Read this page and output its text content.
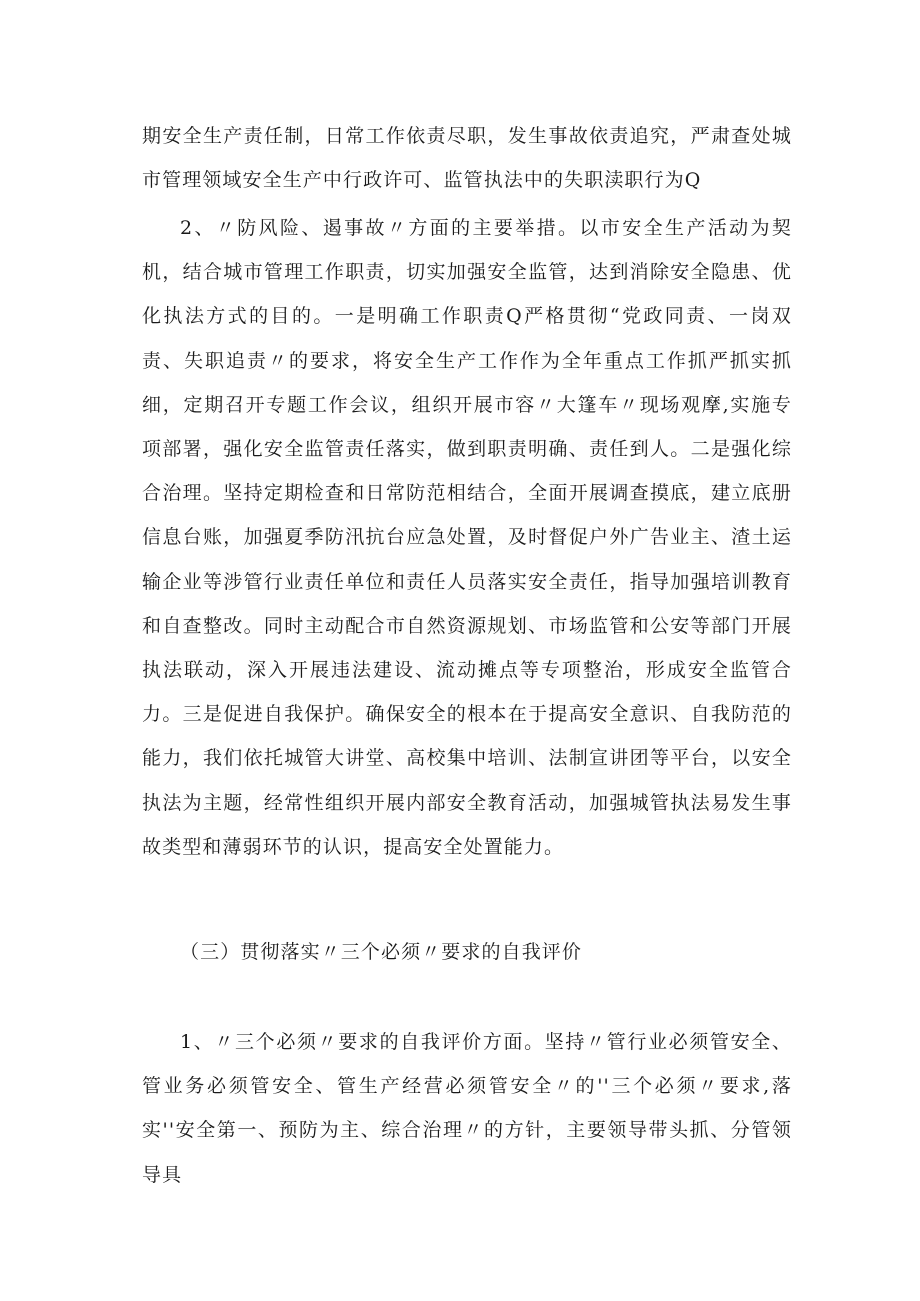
期安全生产责任制，日常工作依责尽职，发生事故依责追究，严肃查处城市管理领域安全生产中行政许可、监管执法中的失职渎职行为Q

2、〃防风险、遏事故〃方面的主要举措。以市安全生产活动为契机，结合城市管理工作职责，切实加强安全监管，达到消除安全隐患、优化执法方式的目的。一是明确工作职责Q严格贯彻“党政同责、一岗双责、失职追责〃的要求，将安全生产工作作为全年重点工作抓严抓实抓细，定期召开专题工作会议，组织开展市容〃大篷车〃现场观摩,实施专项部署，强化安全监管责任落实，做到职责明确、责任到人。二是强化综合治理。坚持定期检查和日常防范相结合，全面开展调查摸底，建立底册信息台账，加强夏季防汛抗台应急处置，及时督促户外广告业主、渣土运输企业等涉管行业责任单位和责任人员落实安全责任，指导加强培训教育和自查整改。同时主动配合市自然资源规划、市场监管和公安等部门开展执法联动，深入开展违法建设、流动摊点等专项整治，形成安全监管合力。三是促进自我保护。确保安全的根本在于提高安全意识、自我防范的能力，我们依托城管大讲堂、高校集中培训、法制宣讲团等平台，以安全执法为主题，经常性组织开展内部安全教育活动，加强城管执法易发生事故类型和薄弱环节的认识，提高安全处置能力。

（三）贯彻落实〃三个必须〃要求的自我评价

1、〃三个必须〃要求的自我评价方面。坚持〃管行业必须管安全、管业务必须管安全、管生产经营必须管安全〃的''三个必须〃要求,落实''安全第一、预防为主、综合治理〃的方针，主要领导带头抓、分管领导具
